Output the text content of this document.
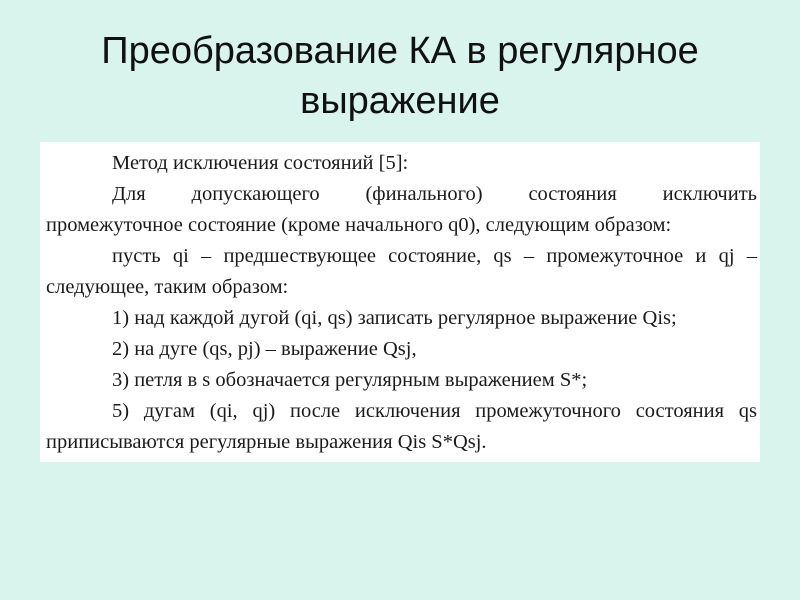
Преобразование КА в регулярное выражение
Метод исключения состояний [5]:
Для допускающего (финального) состояния исключить
промежуточное состояние (кроме начального q0), следующим образом:
пусть qi – предшествующее состояние, qs – промежуточное и qj –
следующее, таким образом:
1) над каждой дугой (qi, qs) записать регулярное выражение Qis;
2) на дуге (qs, pj) – выражение Qsj,
3) петля в s обозначается регулярным выражением S*;
5) дугам (qi, qj) после исключения промежуточного состояния qs
приписываются регулярные выражения Qis S*Qsj.
